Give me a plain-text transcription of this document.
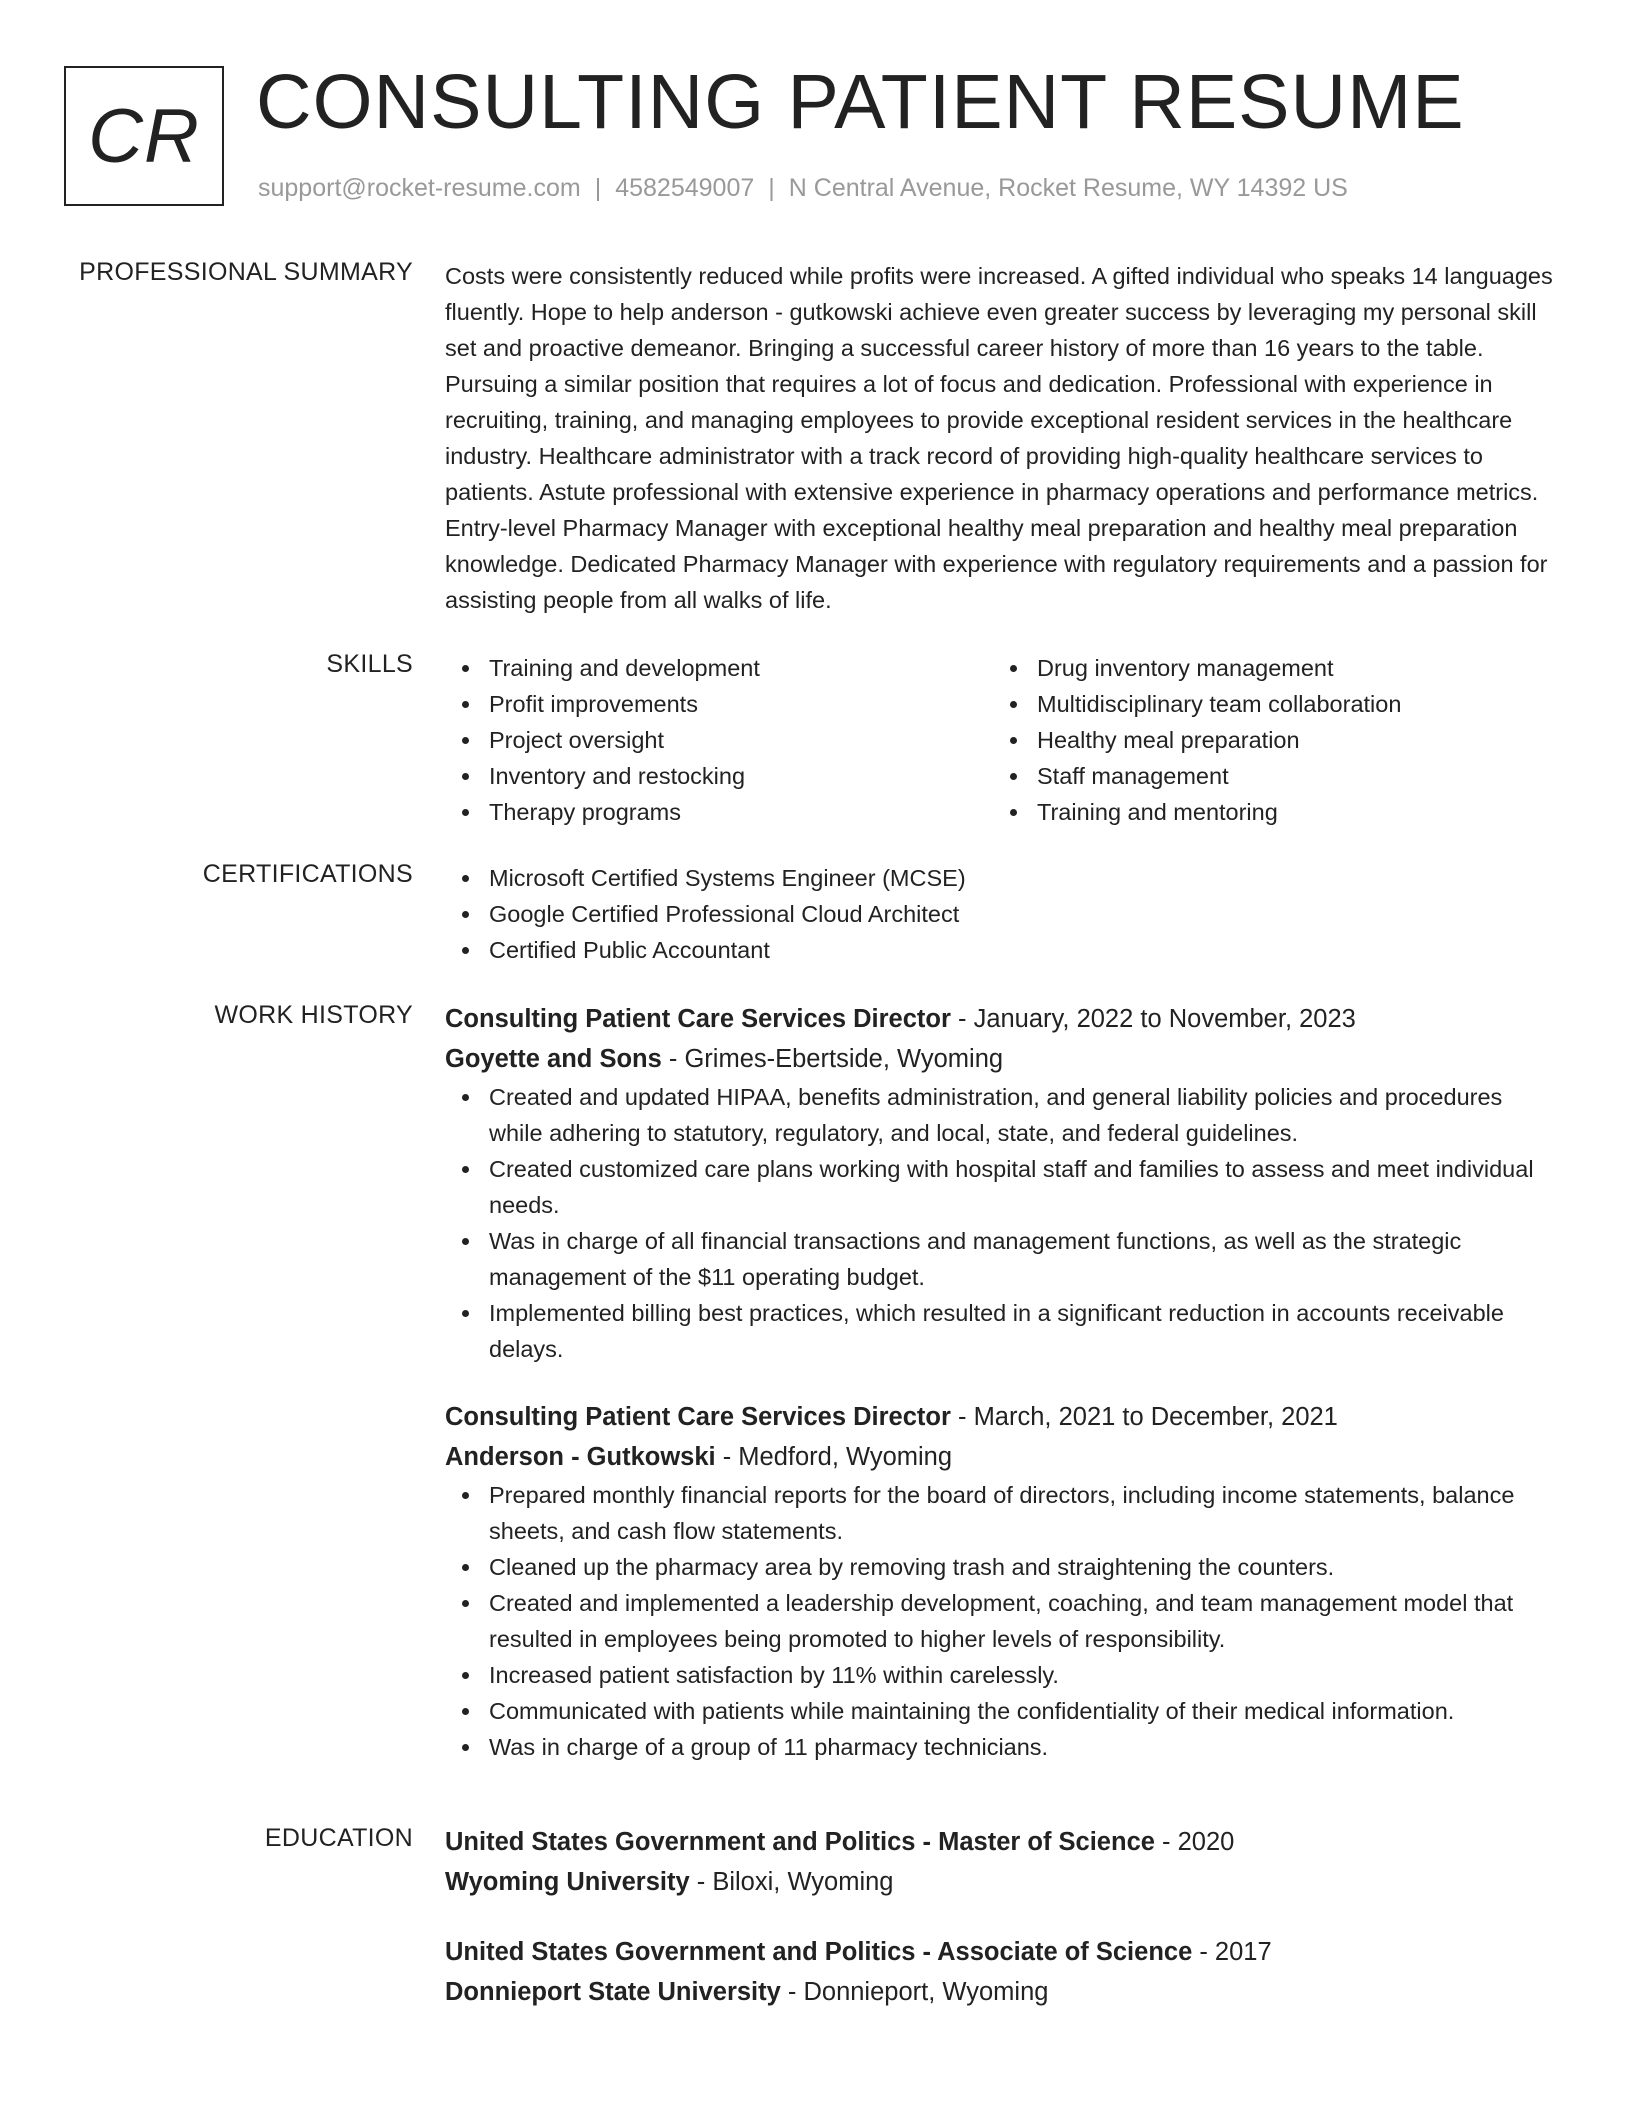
CR CONSULTING PATIENT RESUME
support@rocket-resume.com | 4582549007 | N Central Avenue, Rocket Resume, WY 14392 US
PROFESSIONAL SUMMARY Costs were consistently reduced while profits were increased. A gifted individual who speaks 14 languages fluently. Hope to help anderson - gutkowski achieve even greater success by leveraging my personal skill set and proactive demeanor. Bringing a successful career history of more than 16 years to the table. Pursuing a similar position that requires a lot of focus and dedication. Professional with experience in recruiting, training, and managing employees to provide exceptional resident services in the healthcare industry. Healthcare administrator with a track record of providing high-quality healthcare services to patients. Astute professional with extensive experience in pharmacy operations and performance metrics. Entry-level Pharmacy Manager with exceptional healthy meal preparation and healthy meal preparation knowledge. Dedicated Pharmacy Manager with experience with regulatory requirements and a passion for assisting people from all walks of life.
SKILLS	Training and development
Profit improvements
Project oversight
Inventory and restocking
Therapy programs
Drug inventory management
Multidisciplinary team collaboration
Healthy meal preparation
Staff management
Training and mentoring
CERTIFICATIONS	Microsoft Certified Systems Engineer (MCSE)
Google Certified Professional Cloud Architect
Certified Public Accountant
WORK HISTORY Consulting Patient Care Services Director - January, 2022 to November, 2023
Goyette and Sons - Grimes-Ebertside, Wyoming
Created and updated HIPAA, benefits administration, and general liability policies and procedures while adhering to statutory, regulatory, and local, state, and federal guidelines.
Created customized care plans working with hospital staff and families to assess and meet individual needs.
Was in charge of all financial transactions and management functions, as well as the strategic management of the $11 operating budget.
Implemented billing best practices, which resulted in a significant reduction in accounts receivable delays.
Consulting Patient Care Services Director - March, 2021 to December, 2021
Anderson - Gutkowski - Medford, Wyoming
Prepared monthly financial reports for the board of directors, including income statements, balance sheets, and cash flow statements.
Cleaned up the pharmacy area by removing trash and straightening the counters.
Created and implemented a leadership development, coaching, and team management model that resulted in employees being promoted to higher levels of responsibility.
Increased patient satisfaction by 11% within carelessly.
Communicated with patients while maintaining the confidentiality of their medical information.
Was in charge of a group of 11 pharmacy technicians.
EDUCATION United States Government and Politics - Master of Science - 2020
Wyoming University - Biloxi, Wyoming
United States Government and Politics - Associate of Science - 2017
Donnieport State University - Donnieport, Wyoming
